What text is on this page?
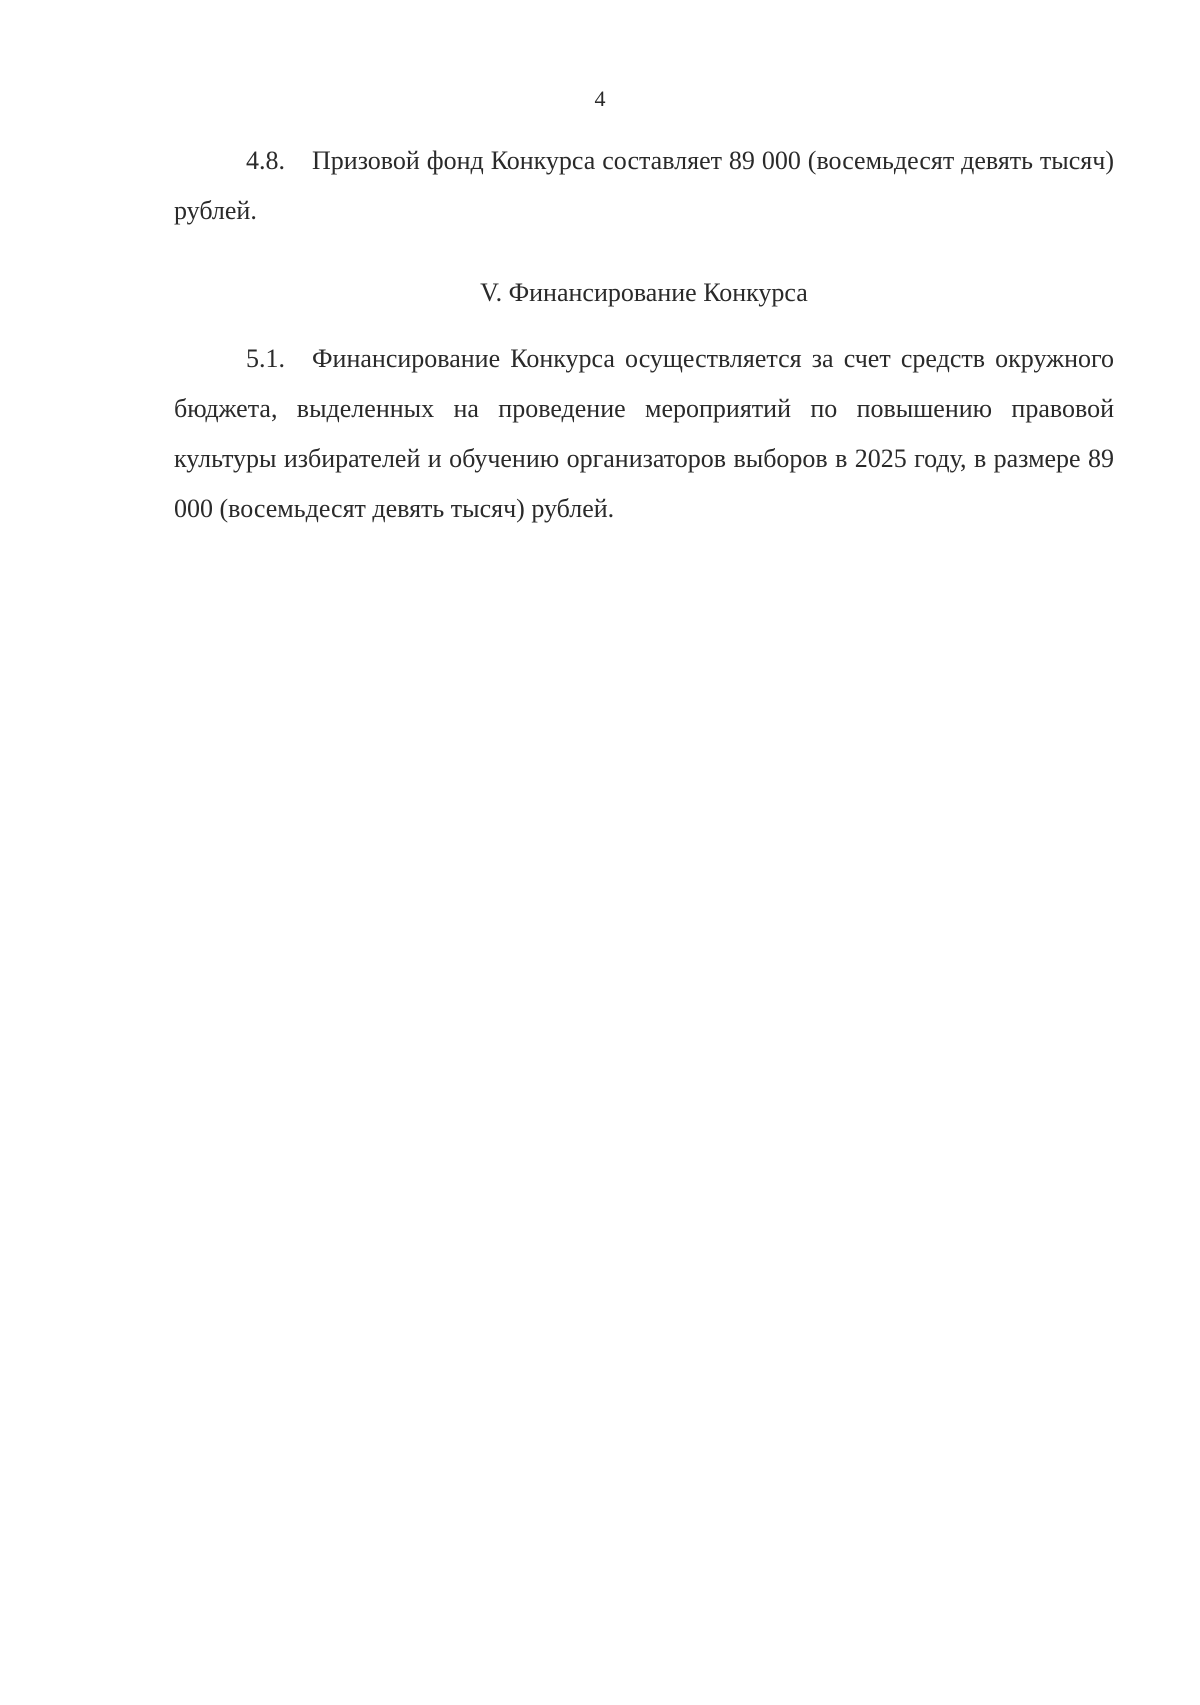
4

4.8. Призовой фонд Конкурса составляет 89 000 (восемьдесят девять тысяч) рублей.

V. Финансирование Конкурса

5.1. Финансирование Конкурса осуществляется за счет средств окружного бюджета, выделенных на проведение мероприятий по повышению правовой культуры избирателей и обучению организаторов выборов в 2025 году, в размере 89 000 (восемьдесят девять тысяч) рублей.
